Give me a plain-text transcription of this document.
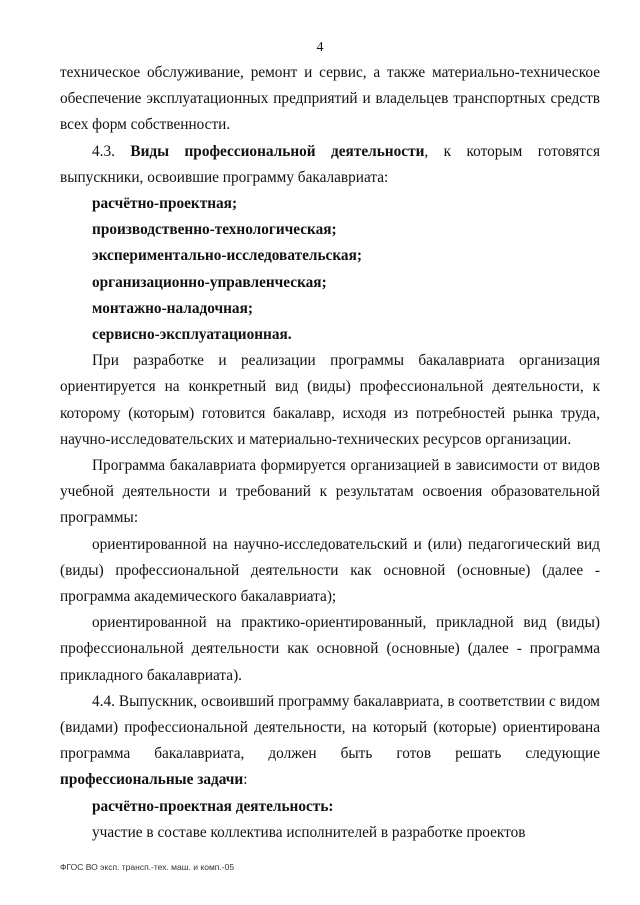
4

техническое обслуживание, ремонт и сервис, а также материально-техническое обеспечение эксплуатационных предприятий и владельцев транспортных средств всех форм собственности.

4.3. Виды профессиональной деятельности, к которым готовятся выпускники, освоившие программу бакалавриата:

расчётно-проектная;

производственно-технологическая;

экспериментально-исследовательская;

организационно-управленческая;

монтажно-наладочная;

сервисно-эксплуатационная.

При разработке и реализации программы бакалавриата организация ориентируется на конкретный вид (виды) профессиональной деятельности, к которому (которым) готовится бакалавр, исходя из потребностей рынка труда, научно-исследовательских и материально-технических ресурсов организации.

Программа бакалавриата формируется организацией в зависимости от видов учебной деятельности и требований к результатам освоения образовательной программы:

ориентированной на научно-исследовательский и (или) педагогический вид (виды) профессиональной деятельности как основной (основные) (далее - программа академического бакалавриата);

ориентированной на практико-ориентированный, прикладной вид (виды) профессиональной деятельности как основной (основные) (далее - программа прикладного бакалавриата).

4.4. Выпускник, освоивший программу бакалавриата, в соответствии с видом (видами) профессиональной деятельности, на который (которые) ориентирована программа бакалавриата, должен быть готов решать следующие профессиональные задачи:

расчётно-проектная деятельность:

участие в составе коллектива исполнителей в разработке проектов

ФГОС ВО эксп. трансп.-тех. маш. и комп.-05
